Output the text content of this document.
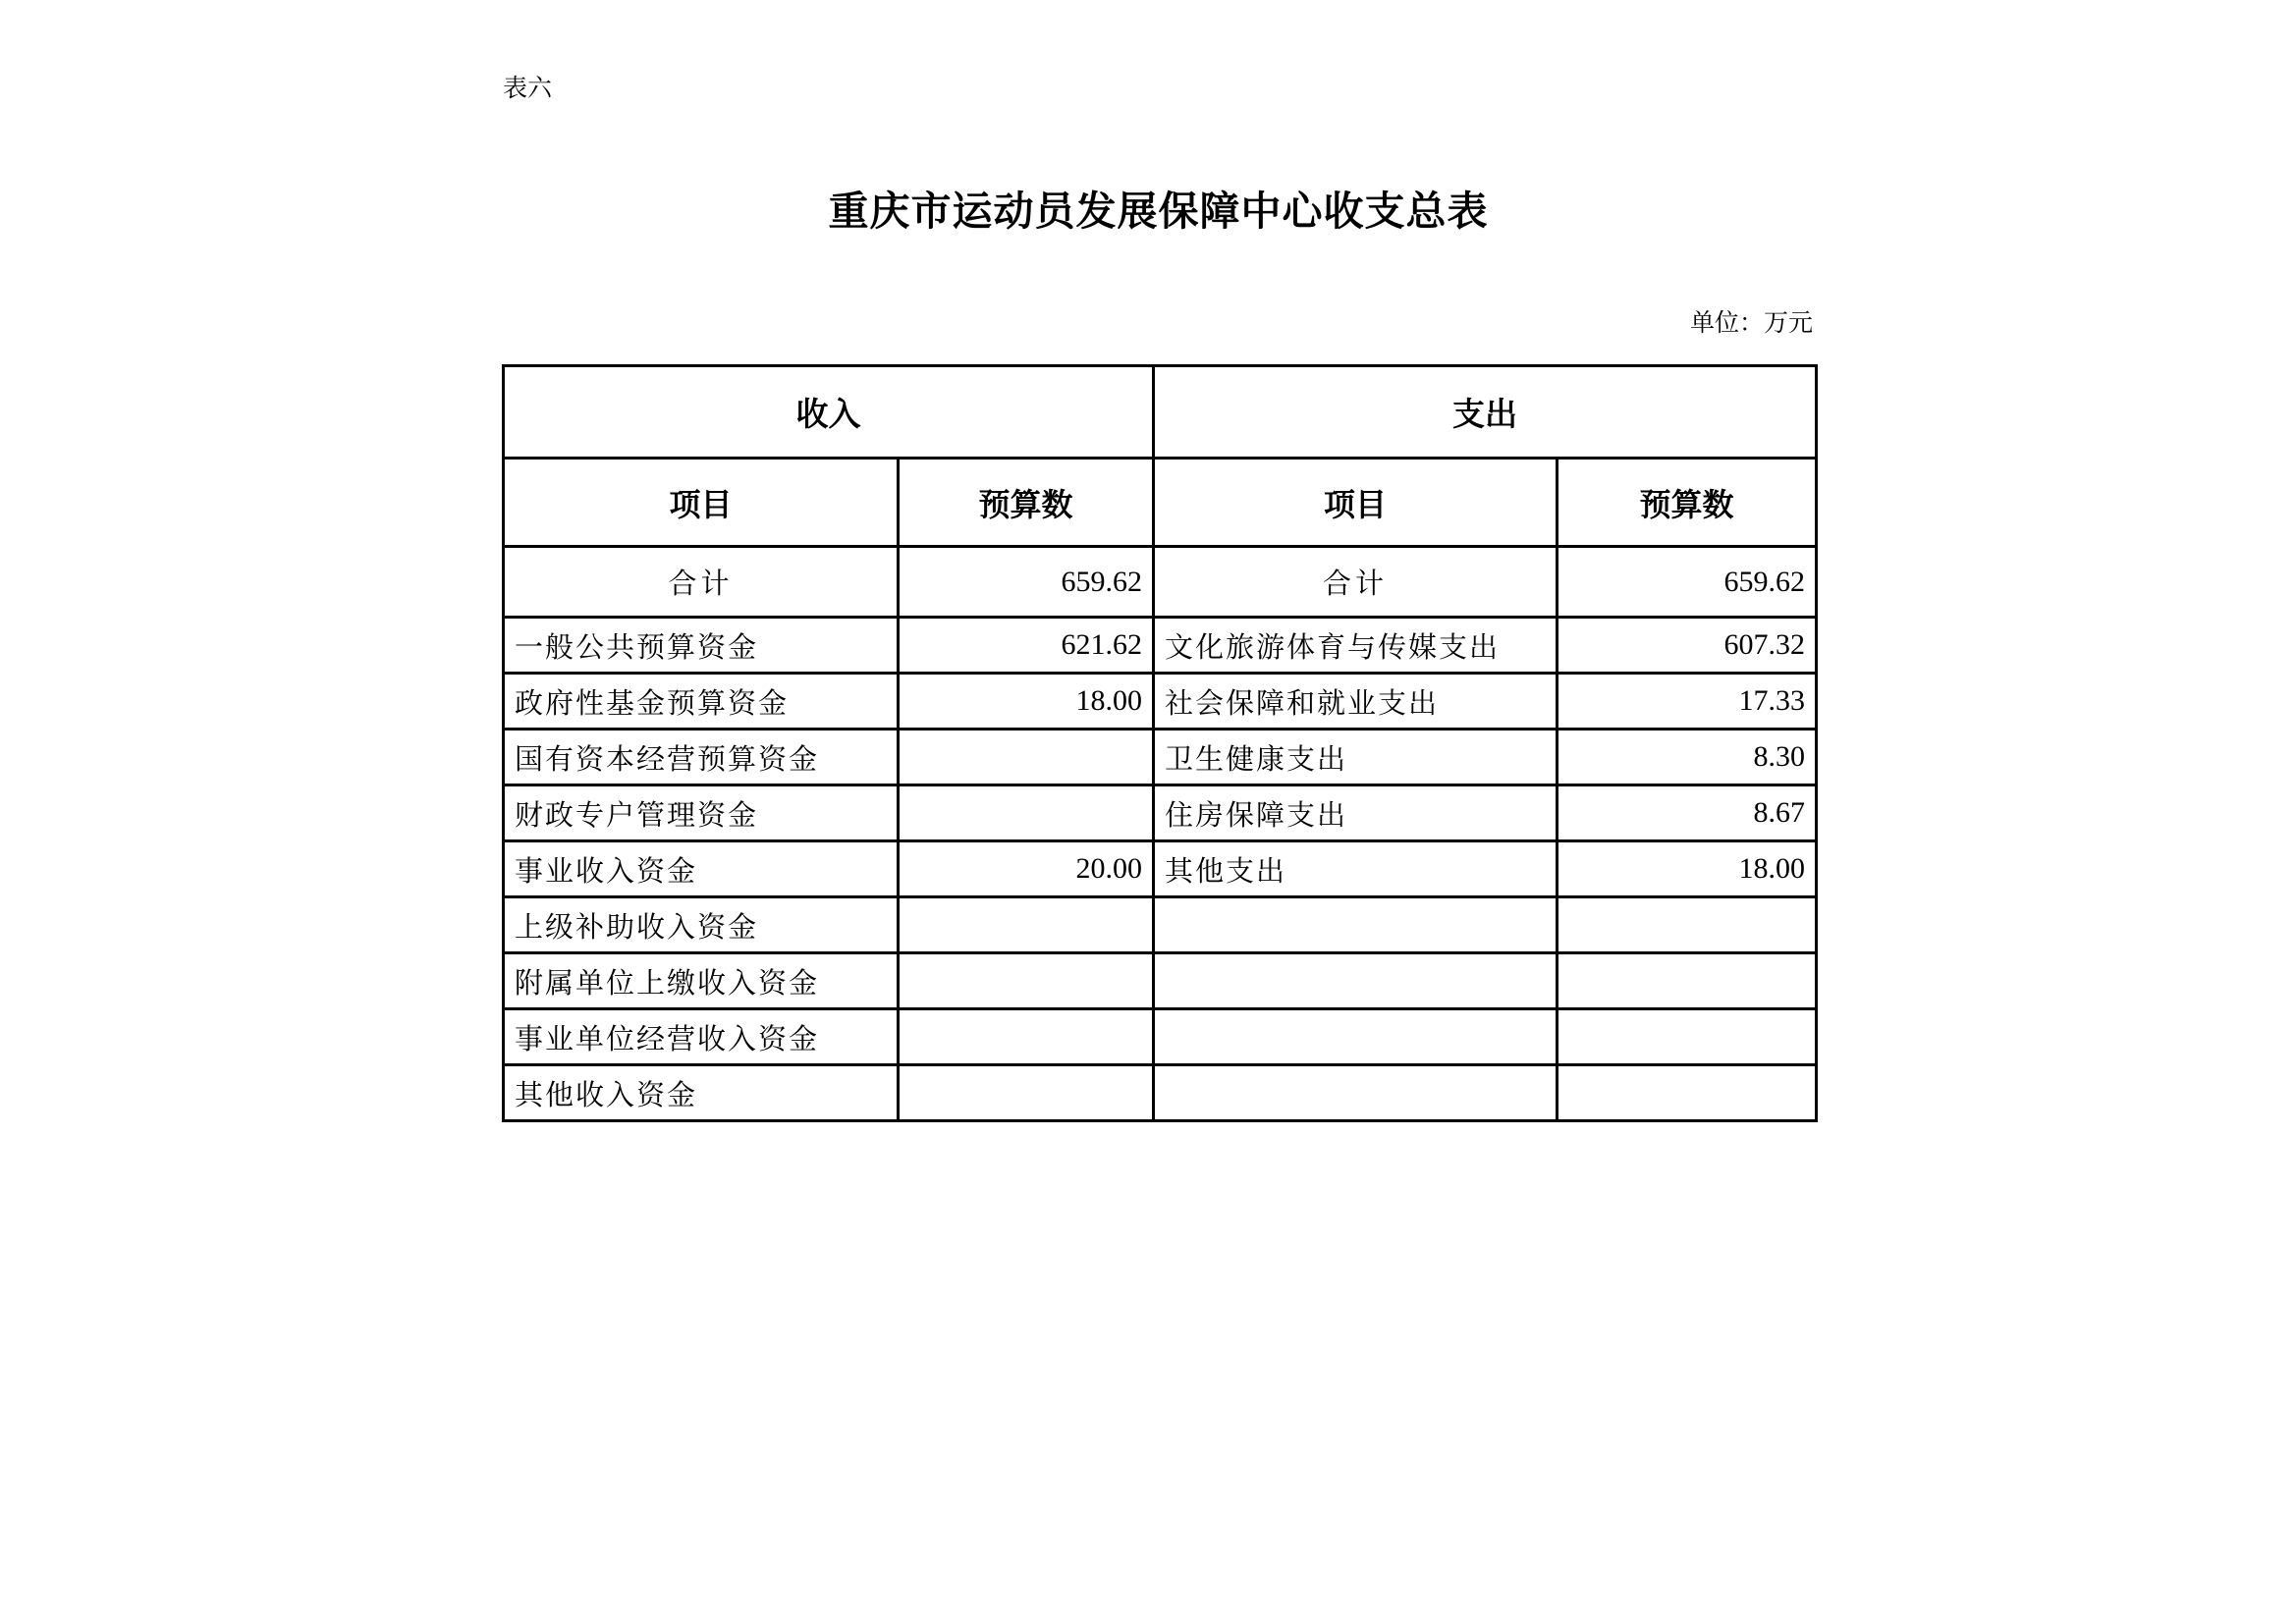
表六
重庆市运动员发展保障中心收支总表
单位：万元
收入		支出	
项目	预算数	项目	预算数
合计	659.62	合计	659.62
一般公共预算资金	621.62	文化旅游体育与传媒支出	607.32
政府性基金预算资金	18.00	社会保障和就业支出	17.33
国有资本经营预算资金		卫生健康支出	8.30
财政专户管理资金		住房保障支出	8.67
事业收入资金	20.00	其他支出	18.00
上级补助收入资金			
附属单位上缴收入资金			
事业单位经营收入资金			
其他收入资金			
